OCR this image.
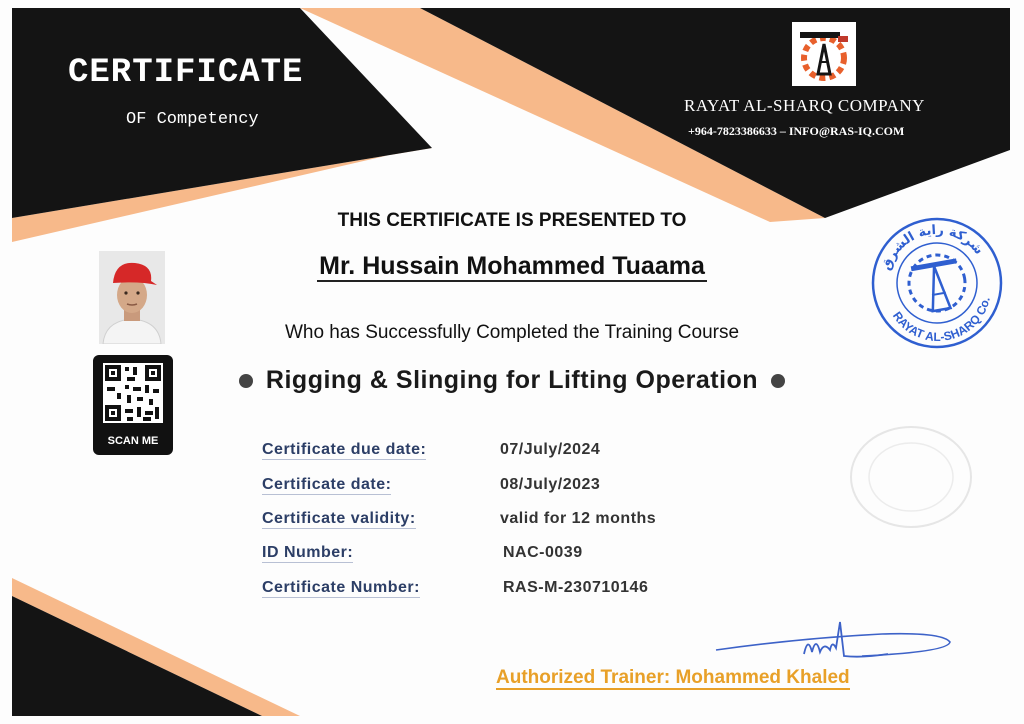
CERTIFICATE
OF Competency
RAYAT AL-SHARQ COMPANY
+964-7823386633 – INFO@RAS-IQ.COM
THIS CERTIFICATE IS PRESENTED TO
Mr. Hussain Mohammed Tuaama
Who has Successfully Completed the Training Course
Rigging & Slinging for Lifting Operation
SCAN ME
شركة راية الشرق
RAYAT AL-SHARQ Co.
Certificate due date:	07/July/2024
Certificate date:	08/July/2023
Certificate validity:	valid for 12 months
ID Number:	NAC-0039
Certificate Number:	RAS-M-230710146
Authorized Trainer: Mohammed Khaled
